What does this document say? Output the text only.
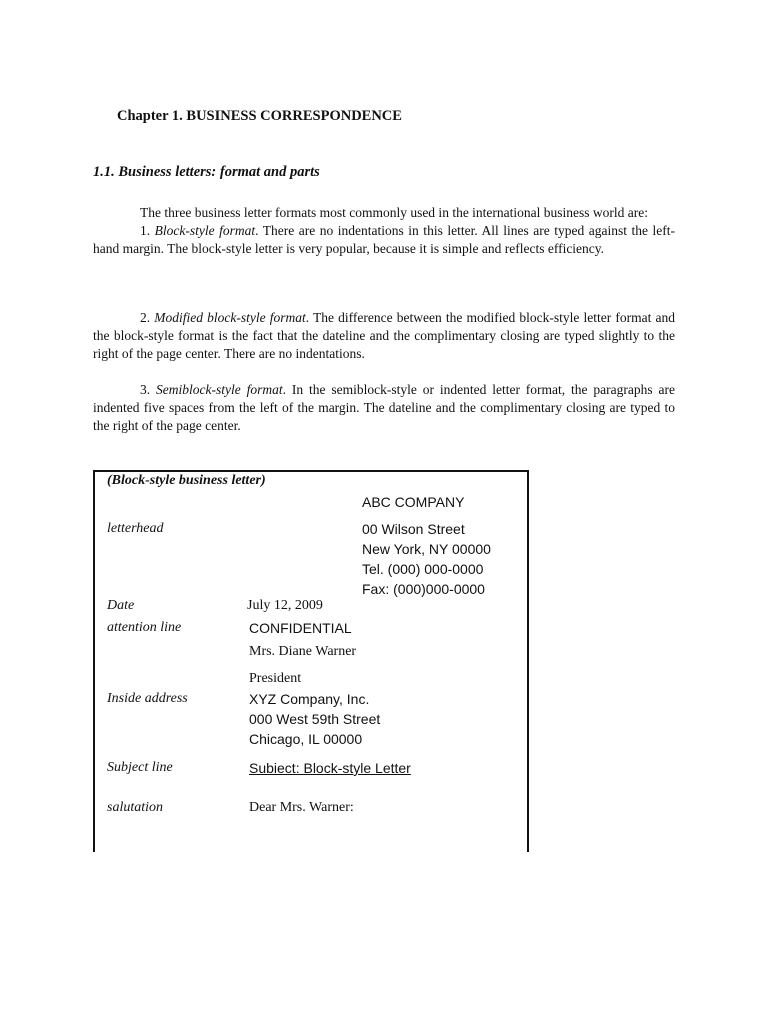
Chapter 1. BUSINESS CORRESPONDENCE
1.1. Business letters: format and parts
The three business letter formats most commonly used in the international business world are:
1. Block-style format. There are no indentations in this letter. All lines are typed against the left-hand margin. The block-style letter is very popular, because it is simple and reflects efficiency.
2. Modified block-style format. The difference between the modified block-style letter format and the block-style format is the fact that the dateline and the complimentary closing are typed slightly to the right of the page center. There are no indentations.
3. Semiblock-style format. In the semiblock-style or indented letter format, the paragraphs are indented five spaces from the left of the margin. The dateline and the complimentary closing are typed to the right of the page center.
(Block-style business letter)
ABC COMPANY
letterhead	00 Wilson Street
New York, NY 00000
Tel. (000) 000-0000
Fax: (000)000-0000
Date	July 12, 2009
attention line	CONFIDENTIAL
Mrs. Diane Warner
President
Inside address	XYZ Company, Inc.
000 West 59th Street
Chicago, IL 00000
Subject line	Subiect: Block-style Letter
salutation	Dear Mrs. Warner:
